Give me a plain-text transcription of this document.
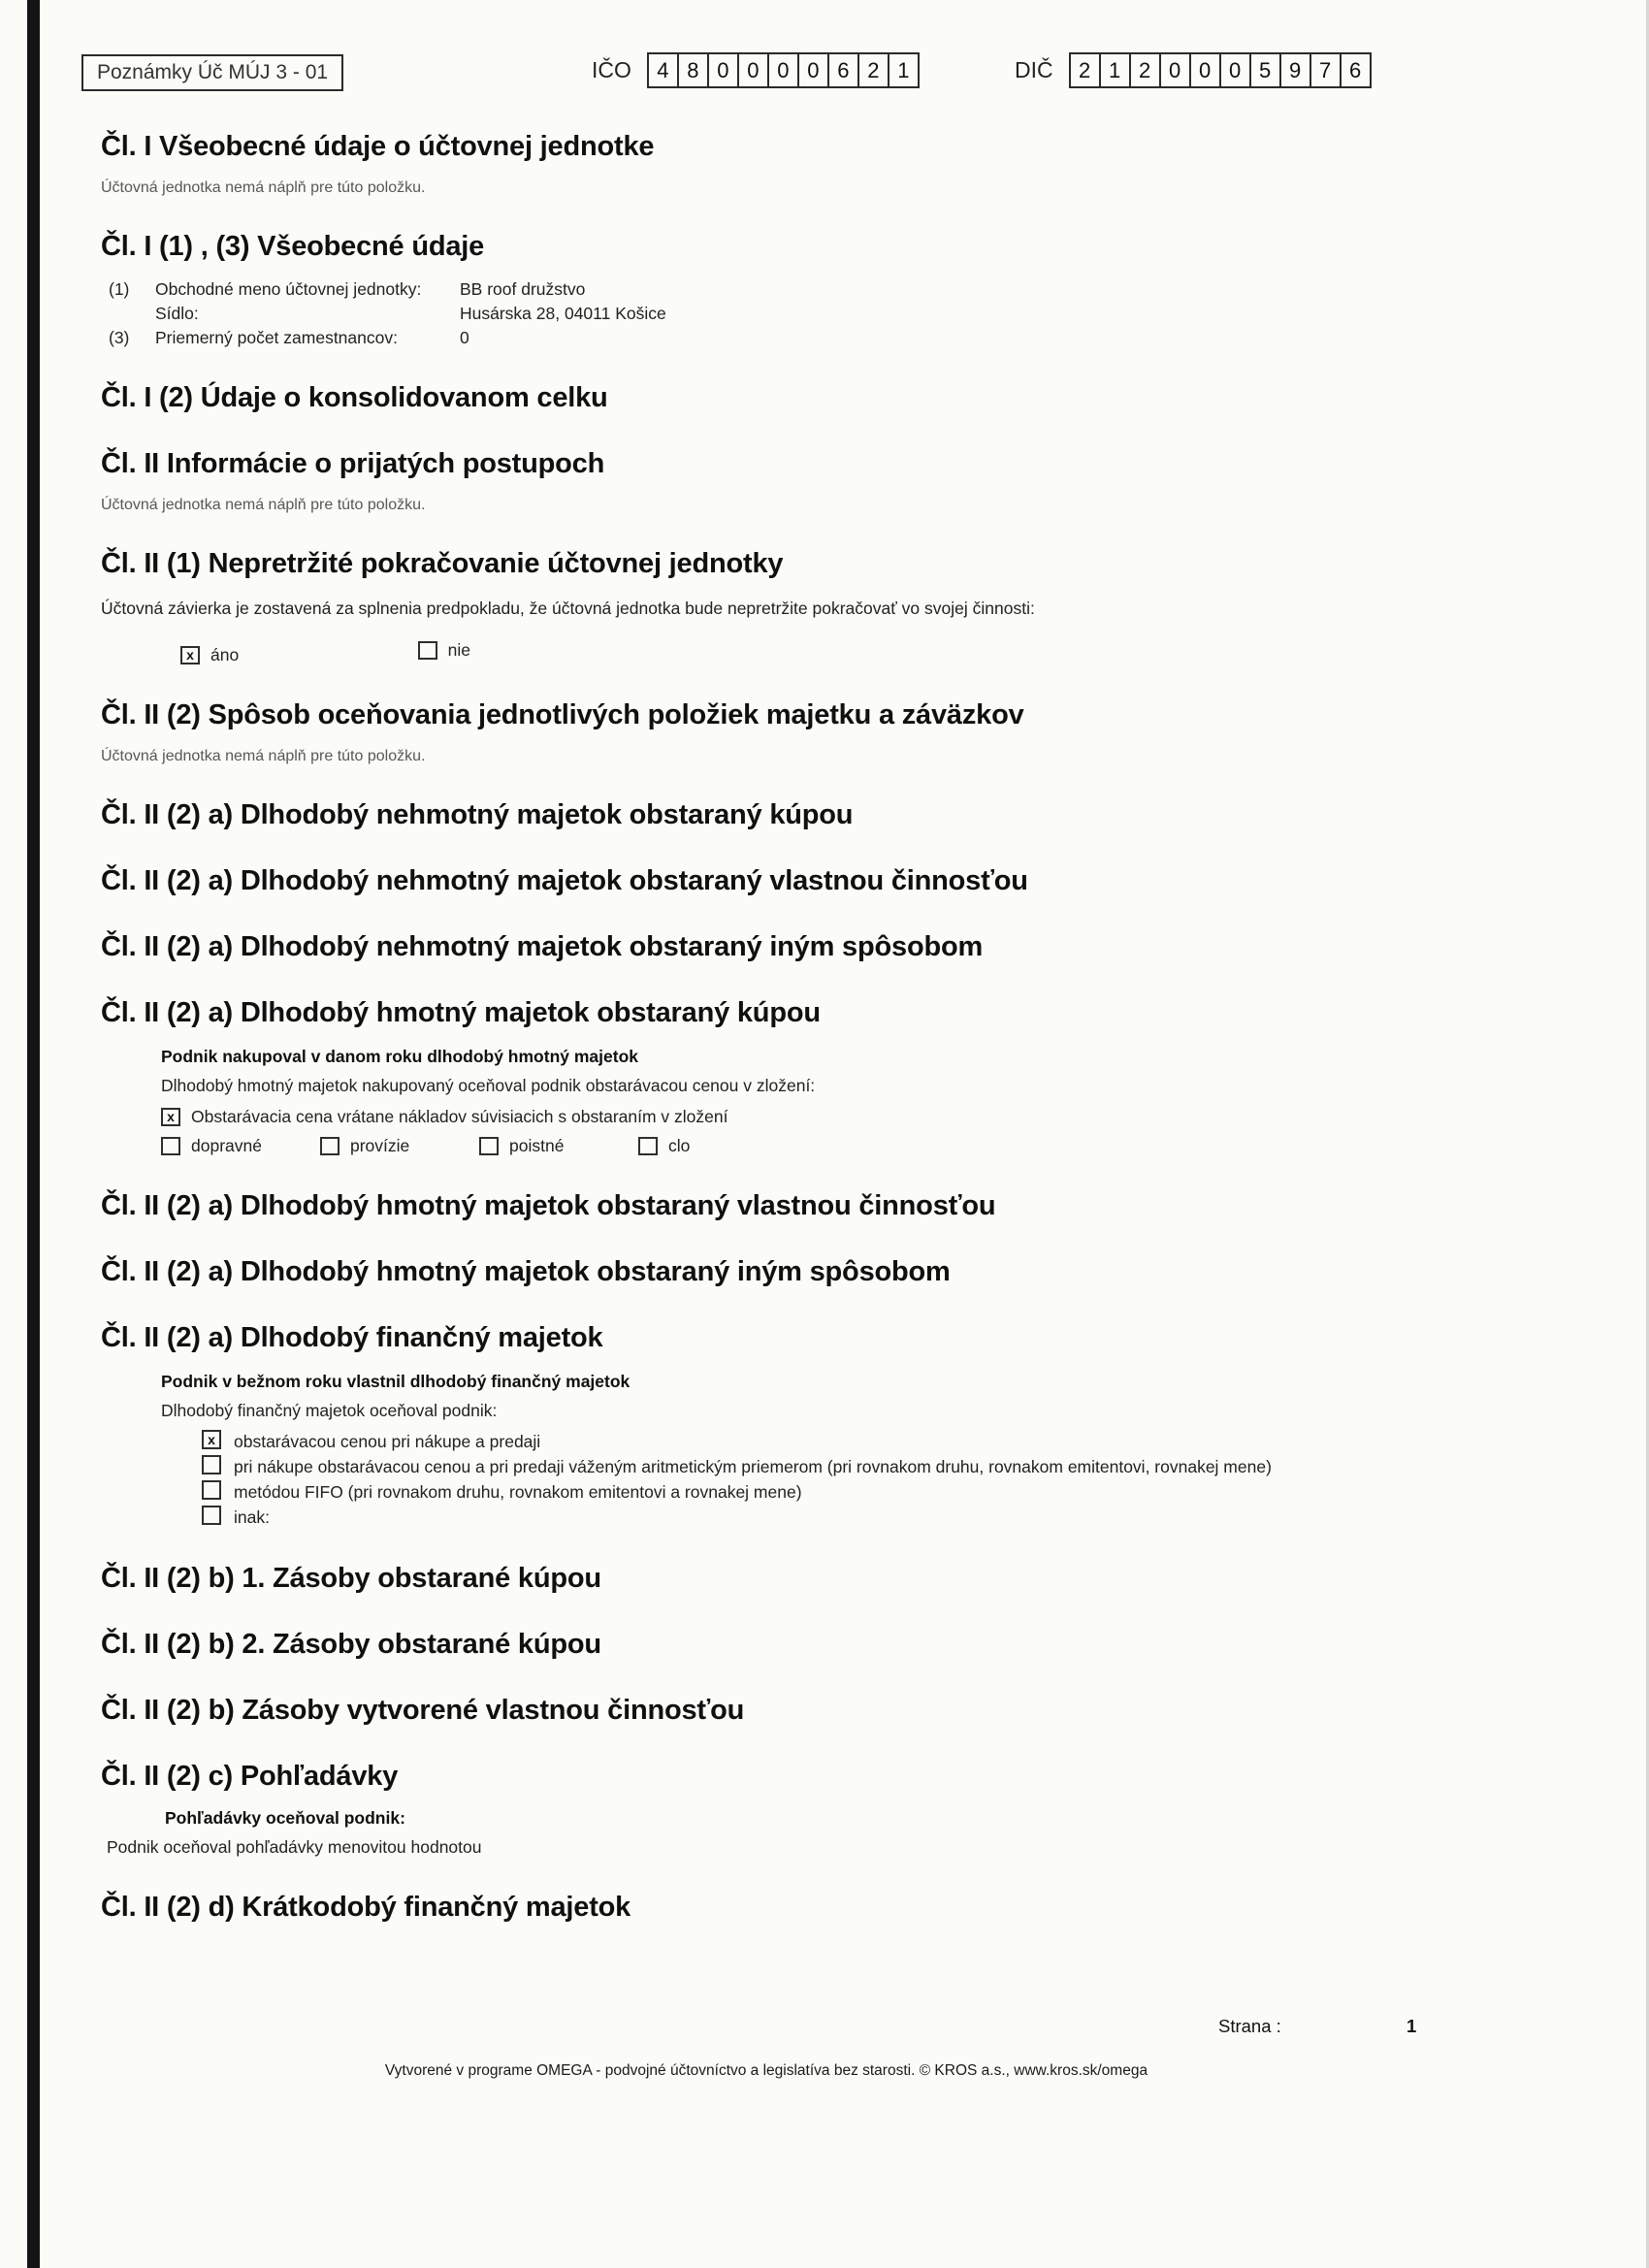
Poznámky Úč MÚJ 3 - 01	IČO	4 8 0 0 0 0 6 2 1	DIČ	2 1 2 0 0 0 5 9 7 6
Čl. I Všeobecné údaje o účtovnej jednotke

Účtovná jednotka nemá náplň pre túto položku.

Čl. I (1) , (3) Všeobecné údaje
(1)	Obchodné meno účtovnej jednotky:	BB roof družstvo
Sídlo:	Husárska 28, 04011 Košice
(3)	Priemerný počet zamestnancov:	0
Čl. I (2) Údaje o konsolidovanom celku
Čl. II Informácie o prijatých postupoch

Účtovná jednotka nemá náplň pre túto položku.

Čl. II (1) Nepretržité pokračovanie účtovnej jednotky

Účtovná závierka je zostavená za splnenia predpokladu, že účtovná jednotka bude nepretržite pokračovať vo svojej činnosti:

x áno
	nie
Čl. II (2) Spôsob oceňovania jednotlivých položiek majetku a záväzkov

Účtovná jednotka nemá náplň pre túto položku.

Čl. II (2) a) Dlhodobý nehmotný majetok obstaraný kúpou
Čl. II (2) a) Dlhodobý nehmotný majetok obstaraný vlastnou činnosťou
Čl. II (2) a) Dlhodobý nehmotný majetok obstaraný iným spôsobom
Čl. II (2) a) Dlhodobý hmotný majetok obstaraný kúpou

Podnik nakupoval v danom roku dlhodobý hmotný majetok

Dlhodobý hmotný majetok nakupovaný oceňoval podnik obstarávacou cenou v zložení:

x Obstarávacia cena vrátane nákladov súvisiacich s obstaraním v zložení
dopravné	provízie	poistné	clo
Čl. II (2) a) Dlhodobý hmotný majetok obstaraný vlastnou činnosťou
Čl. II (2) a) Dlhodobý hmotný majetok obstaraný iným spôsobom
Čl. II (2) a) Dlhodobý finančný majetok

Podnik v bežnom roku vlastnil dlhodobý finančný majetok

Dlhodobý finančný majetok oceňoval podnik:

x	obstarávacou cenou pri nákupe a predaji
pri nákupe obstarávacou cenou a pri predaji váženým aritmetickým priemerom (pri rovnakom druhu, rovnakom emitentovi, rovnakej mene)
metódou FIFO (pri rovnakom druhu, rovnakom emitentovi a rovnakej mene)
inak:
Čl. II (2) b) 1. Zásoby obstarané kúpou
Čl. II (2) b) 2. Zásoby obstarané kúpou
Čl. II (2) b) Zásoby vytvorené vlastnou činnosťou
Čl. II (2) c) Pohľadávky

Pohľadávky oceňoval podnik:

Podnik oceňoval pohľadávky menovitou hodnotou

Čl. II (2) d) Krátkodobý finančný majetok
Strana :	1
Vytvorené v programe OMEGA - podvojné účtovníctvo a legislatíva bez starosti. © KROS a.s., www.kros.sk/omega
